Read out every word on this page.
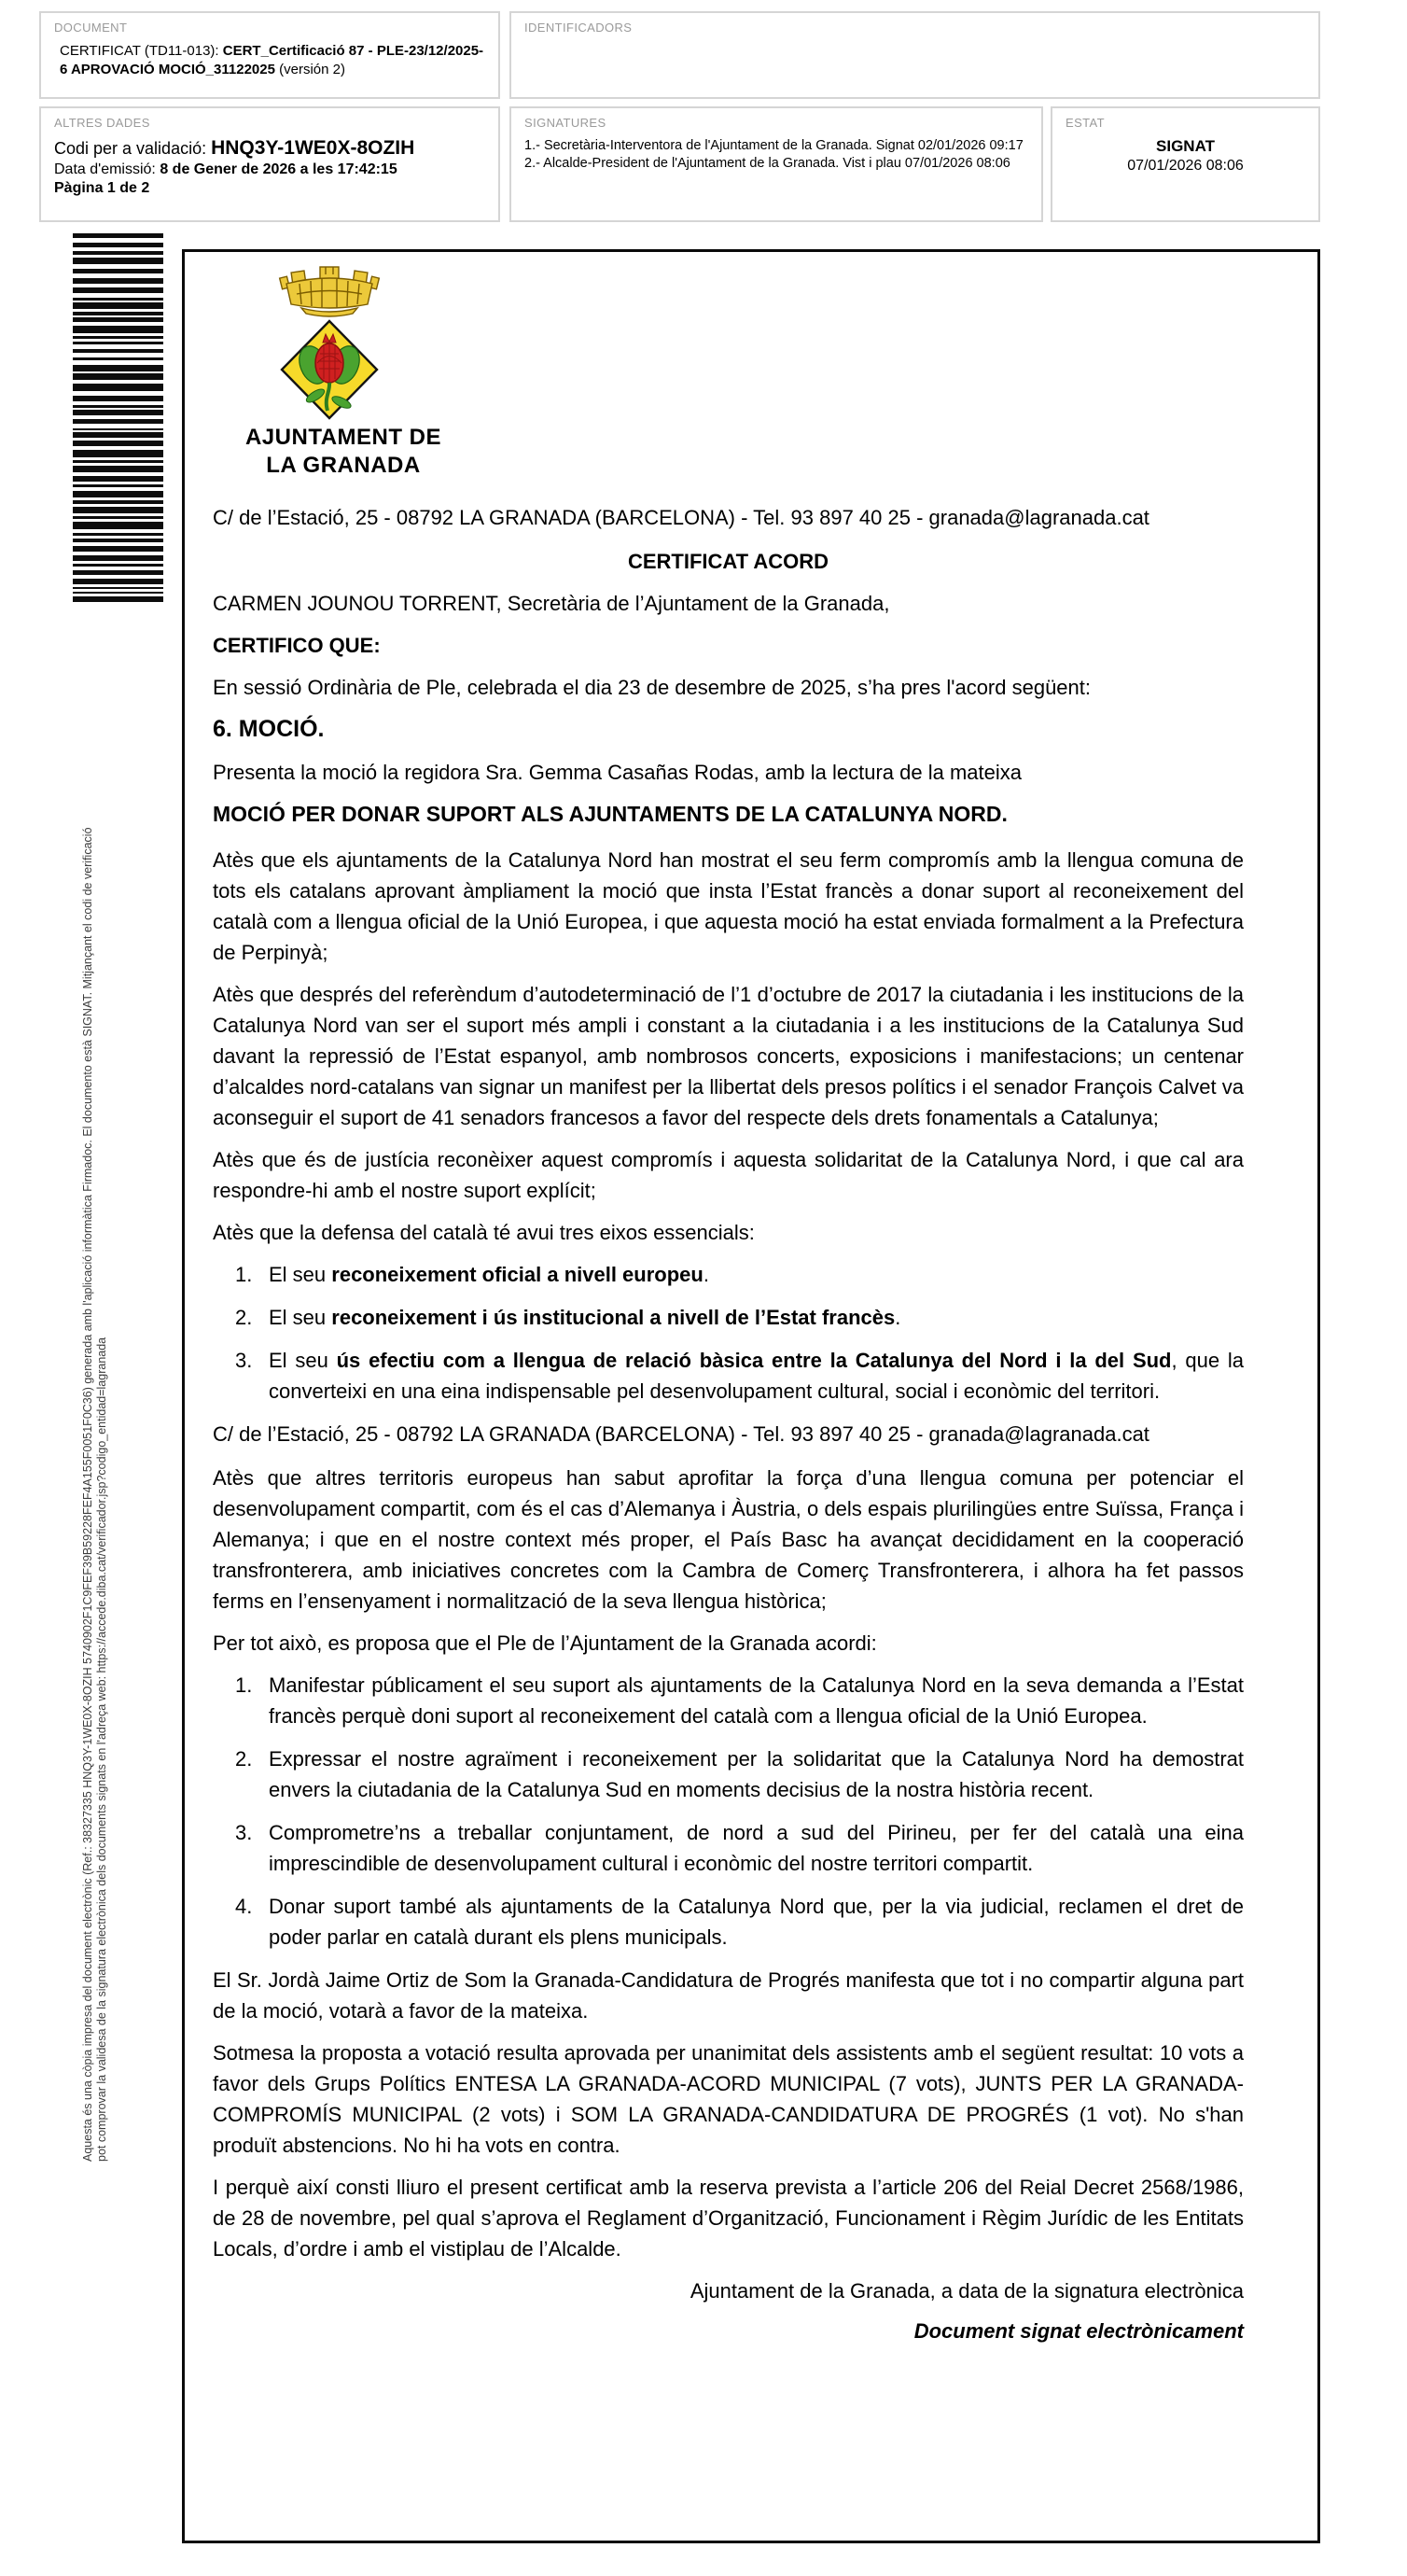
DOCUMENT
CERTIFICAT (TD11-013): CERT_Certificació 87 - PLE-23/12/2025-6 APROVACIÓ MOCIÓ_31122025 (versión 2)
IDENTIFICADORS
ALTRES DADES
Codi per a validació: HNQ3Y-1WE0X-8OZIH
Data d'emissió: 8 de Gener de 2026 a les 17:42:15
Pàgina 1 de 2
SIGNATURES
1.- Secretària-Interventora de l'Ajuntament de la Granada. Signat 02/01/2026 09:17
2.- Alcalde-President de l'Ajuntament de la Granada. Vist i plau 07/01/2026 08:06
ESTAT
SIGNAT
07/01/2026 08:06
Aquesta és una còpia impresa del document electrònic (Ref.: 38327335 HNQ3Y-1WE0X-8OZIH 5740902F1C9FEF39B59228FEF4A155F0051F0C36) generada amb l'aplicació informàtica Firmadoc. El documento està SIGNAT. Mitjançant el codi de verificació pot comprovar la validesa de la signatura electrònica dels documents signats en l'adreça web: https://accede.diba.cat/verificador.jsp?codigo_entidad=lagranada
AJUNTAMENT DE
LA GRANADA

C/ de l’Estació, 25 - 08792 LA GRANADA (BARCELONA) - Tel. 93 897 40 25 - granada@lagranada.cat

CERTIFICAT ACORD

CARMEN JOUNOU TORRENT, Secretària de l’Ajuntament de la Granada,

CERTIFICO QUE:

En sessió Ordinària de Ple, celebrada el dia 23 de desembre de 2025, s’ha pres l'acord següent:

6. MOCIÓ.

Presenta la moció la regidora Sra. Gemma Casañas Rodas, amb la lectura de la mateixa

MOCIÓ PER DONAR SUPORT ALS AJUNTAMENTS DE LA CATALUNYA NORD.

Atès que els ajuntaments de la Catalunya Nord han mostrat el seu ferm compromís amb la llengua comuna de tots els catalans aprovant àmpliament la moció que insta l’Estat francès a donar suport al reconeixement del català com a llengua oficial de la Unió Europea, i que aquesta moció ha estat enviada formalment a la Prefectura de Perpinyà;

Atès que després del referèndum d’autodeterminació de l’1 d’octubre de 2017 la ciutadania i les institucions de la Catalunya Nord van ser el suport més ampli i constant a la ciutadania i a les institucions de la Catalunya Sud davant la repressió de l’Estat espanyol, amb nombrosos concerts, exposicions i manifestacions; un centenar d’alcaldes nord-catalans van signar un manifest per la llibertat dels presos polítics i el senador François Calvet va aconseguir el suport de 41 senadors francesos a favor del respecte dels drets fonamentals a Catalunya;

Atès que és de justícia reconèixer aquest compromís i aquesta solidaritat de la Catalunya Nord, i que cal ara respondre-hi amb el nostre suport explícit;

Atès que la defensa del català té avui tres eixos essencials:

1. El seu reconeixement oficial a nivell europeu.
2. El seu reconeixement i ús institucional a nivell de l’Estat francès.
3. El seu ús efectiu com a llengua de relació bàsica entre la Catalunya del Nord i la del Sud, que la converteixi en una eina indispensable pel desenvolupament cultural, social i econòmic del territori.

C/ de l’Estació, 25 - 08792 LA GRANADA (BARCELONA) - Tel. 93 897 40 25 - granada@lagranada.cat

Atès que altres territoris europeus han sabut aprofitar la força d’una llengua comuna per potenciar el desenvolupament compartit, com és el cas d’Alemanya i Àustria, o dels espais plurilingües entre Suïssa, França i Alemanya; i que en el nostre context més proper, el País Basc ha avançat decididament en la cooperació transfronterera, amb iniciatives concretes com la Cambra de Comerç Transfronterera, i alhora ha fet passos ferms en l’ensenyament i normalització de la seva llengua històrica;

Per tot això, es proposa que el Ple de l’Ajuntament de la Granada acordi:

1. Manifestar públicament el seu suport als ajuntaments de la Catalunya Nord en la seva demanda a l’Estat francès perquè doni suport al reconeixement del català com a llengua oficial de la Unió Europea.
2. Expressar el nostre agraïment i reconeixement per la solidaritat que la Catalunya Nord ha demostrat envers la ciutadania de la Catalunya Sud en moments decisius de la nostra història recent.
3. Comprometre’ns a treballar conjuntament, de nord a sud del Pirineu, per fer del català una eina imprescindible de desenvolupament cultural i econòmic del nostre territori compartit.
4. Donar suport també als ajuntaments de la Catalunya Nord que, per la via judicial, reclamen el dret de poder parlar en català durant els plens municipals.

El Sr. Jordà Jaime Ortiz de Som la Granada-Candidatura de Progrés manifesta que tot i no compartir alguna part de la moció, votarà a favor de la mateixa.

Sotmesa la proposta a votació resulta aprovada per unanimitat dels assistents amb el següent resultat: 10 vots a favor dels Grups Polítics ENTESA LA GRANADA-ACORD MUNICIPAL (7 vots), JUNTS PER LA GRANADA-COMPROMÍS MUNICIPAL (2 vots) i SOM LA GRANADA-CANDIDATURA DE PROGRÉS (1 vot). No s'han produït abstencions. No hi ha vots en contra.

I perquè així consti lliuro el present certificat amb la reserva prevista a l’article 206 del Reial Decret 2568/1986, de 28 de novembre, pel qual s’aprova el Reglament d’Organització, Funcionament i Règim Jurídic de les Entitats Locals, d’ordre i amb el vistiplau de l’Alcalde.

Ajuntament de la Granada, a data de la signatura electrònica

Document signat electrònicament
